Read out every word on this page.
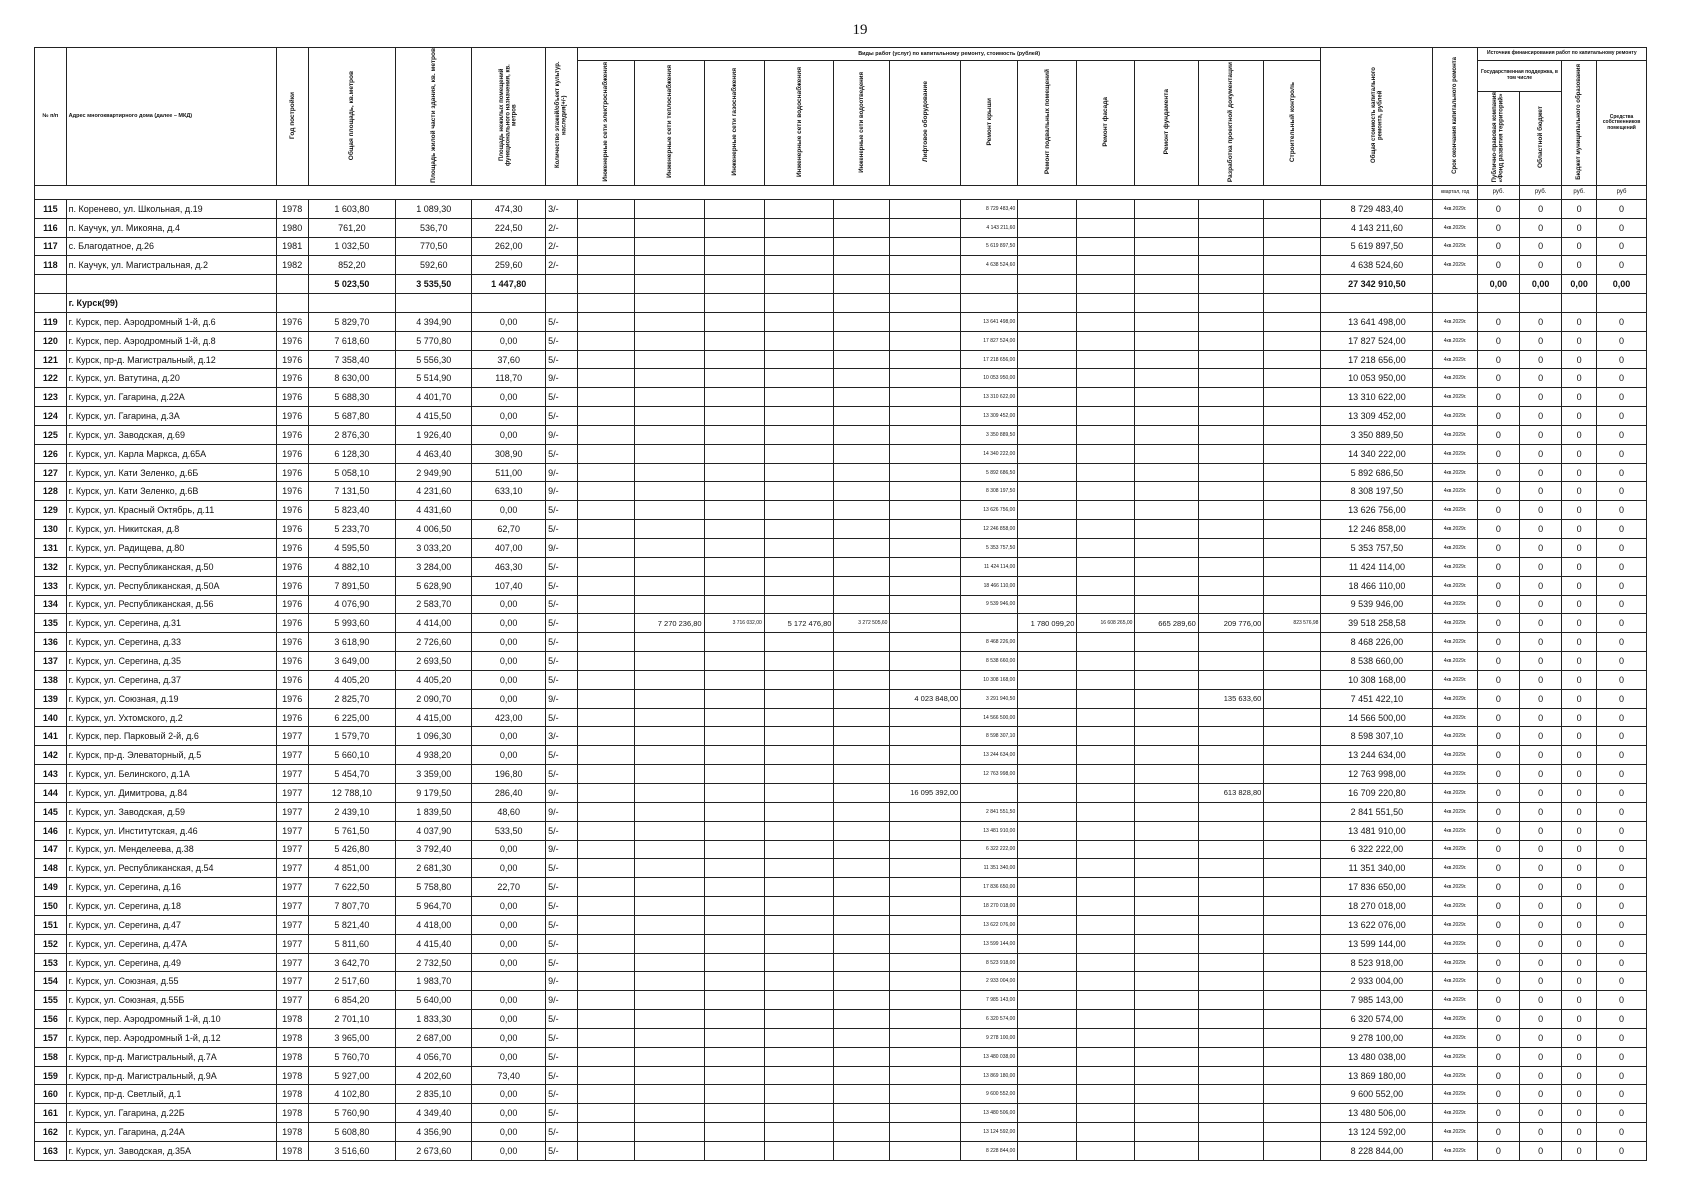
19
№ п/п	Адрес многоквартирного дома (далее – МКД)	Год постройки	Общая площадь, кв.метров	Площадь жилой части здания, кв. метров	Площадь нежилых помещений функционального назначения, кв. метров	Количество этажей/объект культур. наследия(+/-)	Виды работ (услуг) по капитальному ремонту, стоимость (рублей)												Общая стоимость капитального ремонта, рублей	Срок окончания капитального ремонта	Источник финансирования работ по капитальному ремонту			

							Инженерные сети электроснабжения	Инженерные сети теплоснабжения	Инженерные сети газоснабжения	Инженерные сети водоснабжения	Инженерные сети водоотведения	Лифтовое оборудование	Ремонт крыши	Ремонт подвальных помещений	Ремонт фасада	Ремонт фундамента	Разработка проектной документации	Строительный контроль			Государственная поддержка, в том числе		Бюджет муниципального образования	Средства собственников помещений

																					Публично-правовая компания «Фонд развития территорий»	Областной бюджет		

																				квартал, год	руб.	руб.	руб.	руб
115	п. Коренево, ул. Школьная, д.19	1978	1 603,80	1 089,30	474,30	3/-							8 729 483,40						8 729 483,40	4кв.2029г.	0	0	0	0
116	п. Каучук, ул. Микояна, д.4	1980	761,20	536,70	224,50	2/-							4 143 211,60						4 143 211,60	4кв.2029г.	0	0	0	0
117	с. Благодатное, д.26	1981	1 032,50	770,50	262,00	2/-							5 619 897,50						5 619 897,50	4кв.2029г.	0	0	0	0
118	п. Каучук, ул. Магистральная, д.2	1982	852,20	592,60	259,60	2/-							4 638 524,60						4 638 524,60	4кв.2029г.	0	0	0	0
			5 023,50	3 535,50	1 447,80														27 342 910,50		0,00	0,00	0,00	0,00
	г. Курск(99)																							
119	г. Курск, пер. Аэродромный 1-й, д.6	1976	5 829,70	4 394,90	0,00	5/-							13 641 498,00						13 641 498,00	4кв.2029г.	0	0	0	0
120	г. Курск, пер. Аэродромный 1-й, д.8	1976	7 618,60	5 770,80	0,00	5/-							17 827 524,00						17 827 524,00	4кв.2029г.	0	0	0	0
121	г. Курск, пр-д. Магистральный, д.12	1976	7 358,40	5 556,30	37,60	5/-							17 218 656,00						17 218 656,00	4кв.2029г.	0	0	0	0
122	г. Курск, ул. Ватутина, д.20	1976	8 630,00	5 514,90	118,70	9/-							10 053 950,00						10 053 950,00	4кв.2029г.	0	0	0	0
123	г. Курск, ул. Гагарина, д.22А	1976	5 688,30	4 401,70	0,00	5/-							13 310 622,00						13 310 622,00	4кв.2029г.	0	0	0	0
124	г. Курск, ул. Гагарина, д.3А	1976	5 687,80	4 415,50	0,00	5/-							13 309 452,00						13 309 452,00	4кв.2029г.	0	0	0	0
125	г. Курск, ул. Заводская, д.69	1976	2 876,30	1 926,40	0,00	9/-							3 350 889,50						3 350 889,50	4кв.2029г.	0	0	0	0
126	г. Курск, ул. Карла Маркса, д.65А	1976	6 128,30	4 463,40	308,90	5/-							14 340 222,00						14 340 222,00	4кв.2029г.	0	0	0	0
127	г. Курск, ул. Кати Зеленко, д.6Б	1976	5 058,10	2 949,90	511,00	9/-							5 892 686,50						5 892 686,50	4кв.2029г.	0	0	0	0
128	г. Курск, ул. Кати Зеленко, д.6В	1976	7 131,50	4 231,60	633,10	9/-							8 308 197,50						8 308 197,50	4кв.2029г.	0	0	0	0
129	г. Курск, ул. Красный Октябрь, д.11	1976	5 823,40	4 431,60	0,00	5/-							13 626 756,00						13 626 756,00	4кв.2029г.	0	0	0	0
130	г. Курск, ул. Никитская, д.8	1976	5 233,70	4 006,50	62,70	5/-							12 246 858,00						12 246 858,00	4кв.2029г.	0	0	0	0
131	г. Курск, ул. Радищева, д.80	1976	4 595,50	3 033,20	407,00	9/-							5 353 757,50						5 353 757,50	4кв.2029г.	0	0	0	0
132	г. Курск, ул. Республиканская, д.50	1976	4 882,10	3 284,00	463,30	5/-							11 424 114,00						11 424 114,00	4кв.2029г.	0	0	0	0
133	г. Курск, ул. Республиканская, д.50А	1976	7 891,50	5 628,90	107,40	5/-							18 466 110,00						18 466 110,00	4кв.2029г.	0	0	0	0
134	г. Курск, ул. Республиканская, д.56	1976	4 076,90	2 583,70	0,00	5/-							9 539 946,00						9 539 946,00	4кв.2029г.	0	0	0	0
135	г. Курск, ул. Серегина, д.31	1976	5 993,60	4 414,00	0,00	5/-		7 270 236,80	3 716 032,00	5 172 476,80	3 272 505,60			1 780 099,20	16 608 265,00	665 289,60	209 776,00	823 576,98	39 518 258,58	4кв.2029г.	0	0	0	0
136	г. Курск, ул. Серегина, д.33	1976	3 618,90	2 726,60	0,00	5/-							8 468 226,00						8 468 226,00	4кв.2029г.	0	0	0	0
137	г. Курск, ул. Серегина, д.35	1976	3 649,00	2 693,50	0,00	5/-							8 538 660,00						8 538 660,00	4кв.2029г.	0	0	0	0
138	г. Курск, ул. Серегина, д.37	1976	4 405,20	4 405,20	0,00	5/-							10 308 168,00						10 308 168,00	4кв.2029г.	0	0	0	0
139	г. Курск, ул. Союзная, д.19	1976	2 825,70	2 090,70	0,00	9/-						4 023 848,00	3 291 940,50				135 633,60		7 451 422,10	4кв.2029г.	0	0	0	0
140	г. Курск, ул. Ухтомского, д.2	1976	6 225,00	4 415,00	423,00	5/-							14 566 500,00						14 566 500,00	4кв.2029г.	0	0	0	0
141	г. Курск, пер. Парковый 2-й, д.6	1977	1 579,70	1 096,30	0,00	3/-							8 598 307,10						8 598 307,10	4кв.2029г.	0	0	0	0
142	г. Курск, пр-д. Элеваторный, д.5	1977	5 660,10	4 938,20	0,00	5/-							13 244 634,00						13 244 634,00	4кв.2029г.	0	0	0	0
143	г. Курск, ул. Белинского, д.1А	1977	5 454,70	3 359,00	196,80	5/-							12 763 998,00						12 763 998,00	4кв.2029г.	0	0	0	0
144	г. Курск, ул. Димитрова, д.84	1977	12 788,10	9 179,50	286,40	9/-						16 095 392,00					613 828,80		16 709 220,80	4кв.2029г.	0	0	0	0
145	г. Курск, ул. Заводская, д.59	1977	2 439,10	1 839,50	48,60	9/-							2 841 551,50						2 841 551,50	4кв.2029г.	0	0	0	0
146	г. Курск, ул. Институтская, д.46	1977	5 761,50	4 037,90	533,50	5/-							13 481 910,00						13 481 910,00	4кв.2029г.	0	0	0	0
147	г. Курск, ул. Менделеева, д.38	1977	5 426,80	3 792,40	0,00	9/-							6 322 222,00						6 322 222,00	4кв.2029г.	0	0	0	0
148	г. Курск, ул. Республиканская, д.54	1977	4 851,00	2 681,30	0,00	5/-							11 351 340,00						11 351 340,00	4кв.2029г.	0	0	0	0
149	г. Курск, ул. Серегина, д.16	1977	7 622,50	5 758,80	22,70	5/-							17 836 650,00						17 836 650,00	4кв.2029г.	0	0	0	0
150	г. Курск, ул. Серегина, д.18	1977	7 807,70	5 964,70	0,00	5/-							18 270 018,00						18 270 018,00	4кв.2029г.	0	0	0	0
151	г. Курск, ул. Серегина, д.47	1977	5 821,40	4 418,00	0,00	5/-							13 622 076,00						13 622 076,00	4кв.2029г.	0	0	0	0
152	г. Курск, ул. Серегина, д.47А	1977	5 811,60	4 415,40	0,00	5/-							13 599 144,00						13 599 144,00	4кв.2029г.	0	0	0	0
153	г. Курск, ул. Серегина, д.49	1977	3 642,70	2 732,50	0,00	5/-							8 523 918,00						8 523 918,00	4кв.2029г.	0	0	0	0
154	г. Курск, ул. Союзная, д.55	1977	2 517,60	1 983,70		9/-							2 933 004,00						2 933 004,00	4кв.2029г.	0	0	0	0
155	г. Курск, ул. Союзная, д.55Б	1977	6 854,20	5 640,00	0,00	9/-							7 985 143,00						7 985 143,00	4кв.2029г.	0	0	0	0
156	г. Курск, пер. Аэродромный 1-й, д.10	1978	2 701,10	1 833,30	0,00	5/-							6 320 574,00						6 320 574,00	4кв.2029г.	0	0	0	0
157	г. Курск, пер. Аэродромный 1-й, д.12	1978	3 965,00	2 687,00	0,00	5/-							9 278 100,00						9 278 100,00	4кв.2029г.	0	0	0	0
158	г. Курск, пр-д. Магистральный, д.7А	1978	5 760,70	4 056,70	0,00	5/-							13 480 038,00						13 480 038,00	4кв.2029г.	0	0	0	0
159	г. Курск, пр-д. Магистральный, д.9А	1978	5 927,00	4 202,60	73,40	5/-							13 869 180,00						13 869 180,00	4кв.2029г.	0	0	0	0
160	г. Курск, пр-д. Светлый, д.1	1978	4 102,80	2 835,10	0,00	5/-							9 600 552,00						9 600 552,00	4кв.2029г.	0	0	0	0
161	г. Курск, ул. Гагарина, д.22Б	1978	5 760,90	4 349,40	0,00	5/-							13 480 506,00						13 480 506,00	4кв.2029г.	0	0	0	0
162	г. Курск, ул. Гагарина, д.24А	1978	5 608,80	4 356,90	0,00	5/-							13 124 592,00						13 124 592,00	4кв.2029г.	0	0	0	0
163	г. Курск, ул. Заводская, д.35А	1978	3 516,60	2 673,60	0,00	5/-							8 228 844,00						8 228 844,00	4кв.2029г.	0	0	0	0
